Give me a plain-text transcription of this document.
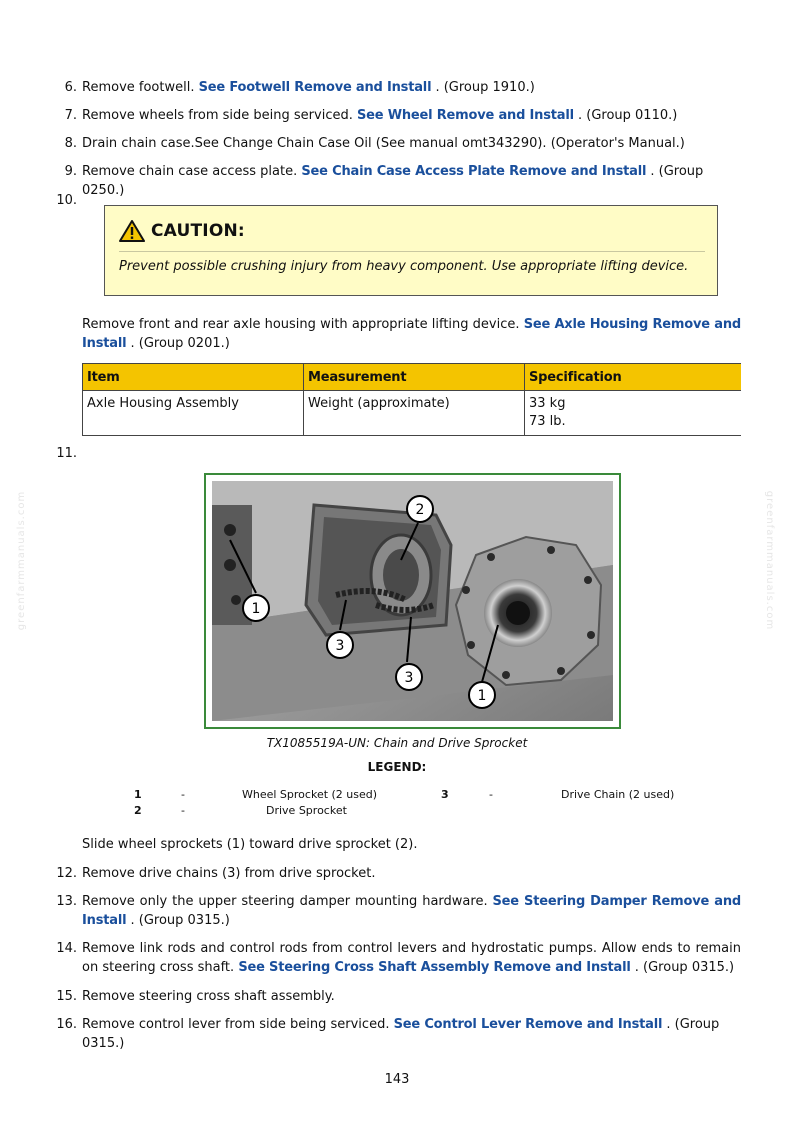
6. Remove footwell. See Footwell Remove and Install . (Group 1910.)
7. Remove wheels from side being serviced. See Wheel Remove and Install . (Group 0110.)
8. Drain chain case.See Change Chain Case Oil (See manual omt343290). (Operator's Manual.)
9. Remove chain case access plate. See Chain Case Access Plate Remove and Install . (Group 0250.)
10.
CAUTION:
Prevent possible crushing injury from heavy component. Use appropriate lifting device.
Remove front and rear axle housing with appropriate lifting device. See Axle Housing Remove and Install . (Group 0201.)
Item	Measurement	Specification
Axle Housing Assembly	Weight (approximate)	33 kg
73 lb.
11.
2
1
3
3
1
TX1085519A-UN: Chain and Drive Sprocket
LEGEND:
1	-	Wheel Sprocket (2 used)
2	-	Drive Sprocket
3	-	Drive Chain (2 used)
Slide wheel sprockets (1) toward drive sprocket (2).
12. Remove drive chains (3) from drive sprocket.
13. Remove only the upper steering damper mounting hardware. See Steering Damper Remove and Install . (Group 0315.)
14. Remove link rods and control rods from control levers and hydrostatic pumps. Allow ends to remain on steering cross shaft. See Steering Cross Shaft Assembly Remove and Install . (Group 0315.)
15. Remove steering cross shaft assembly.
16. Remove control lever from side being serviced. See Control Lever Remove and Install . (Group 0315.)
greenfarmmanuals.com	greenfarmmanuals.com
143
